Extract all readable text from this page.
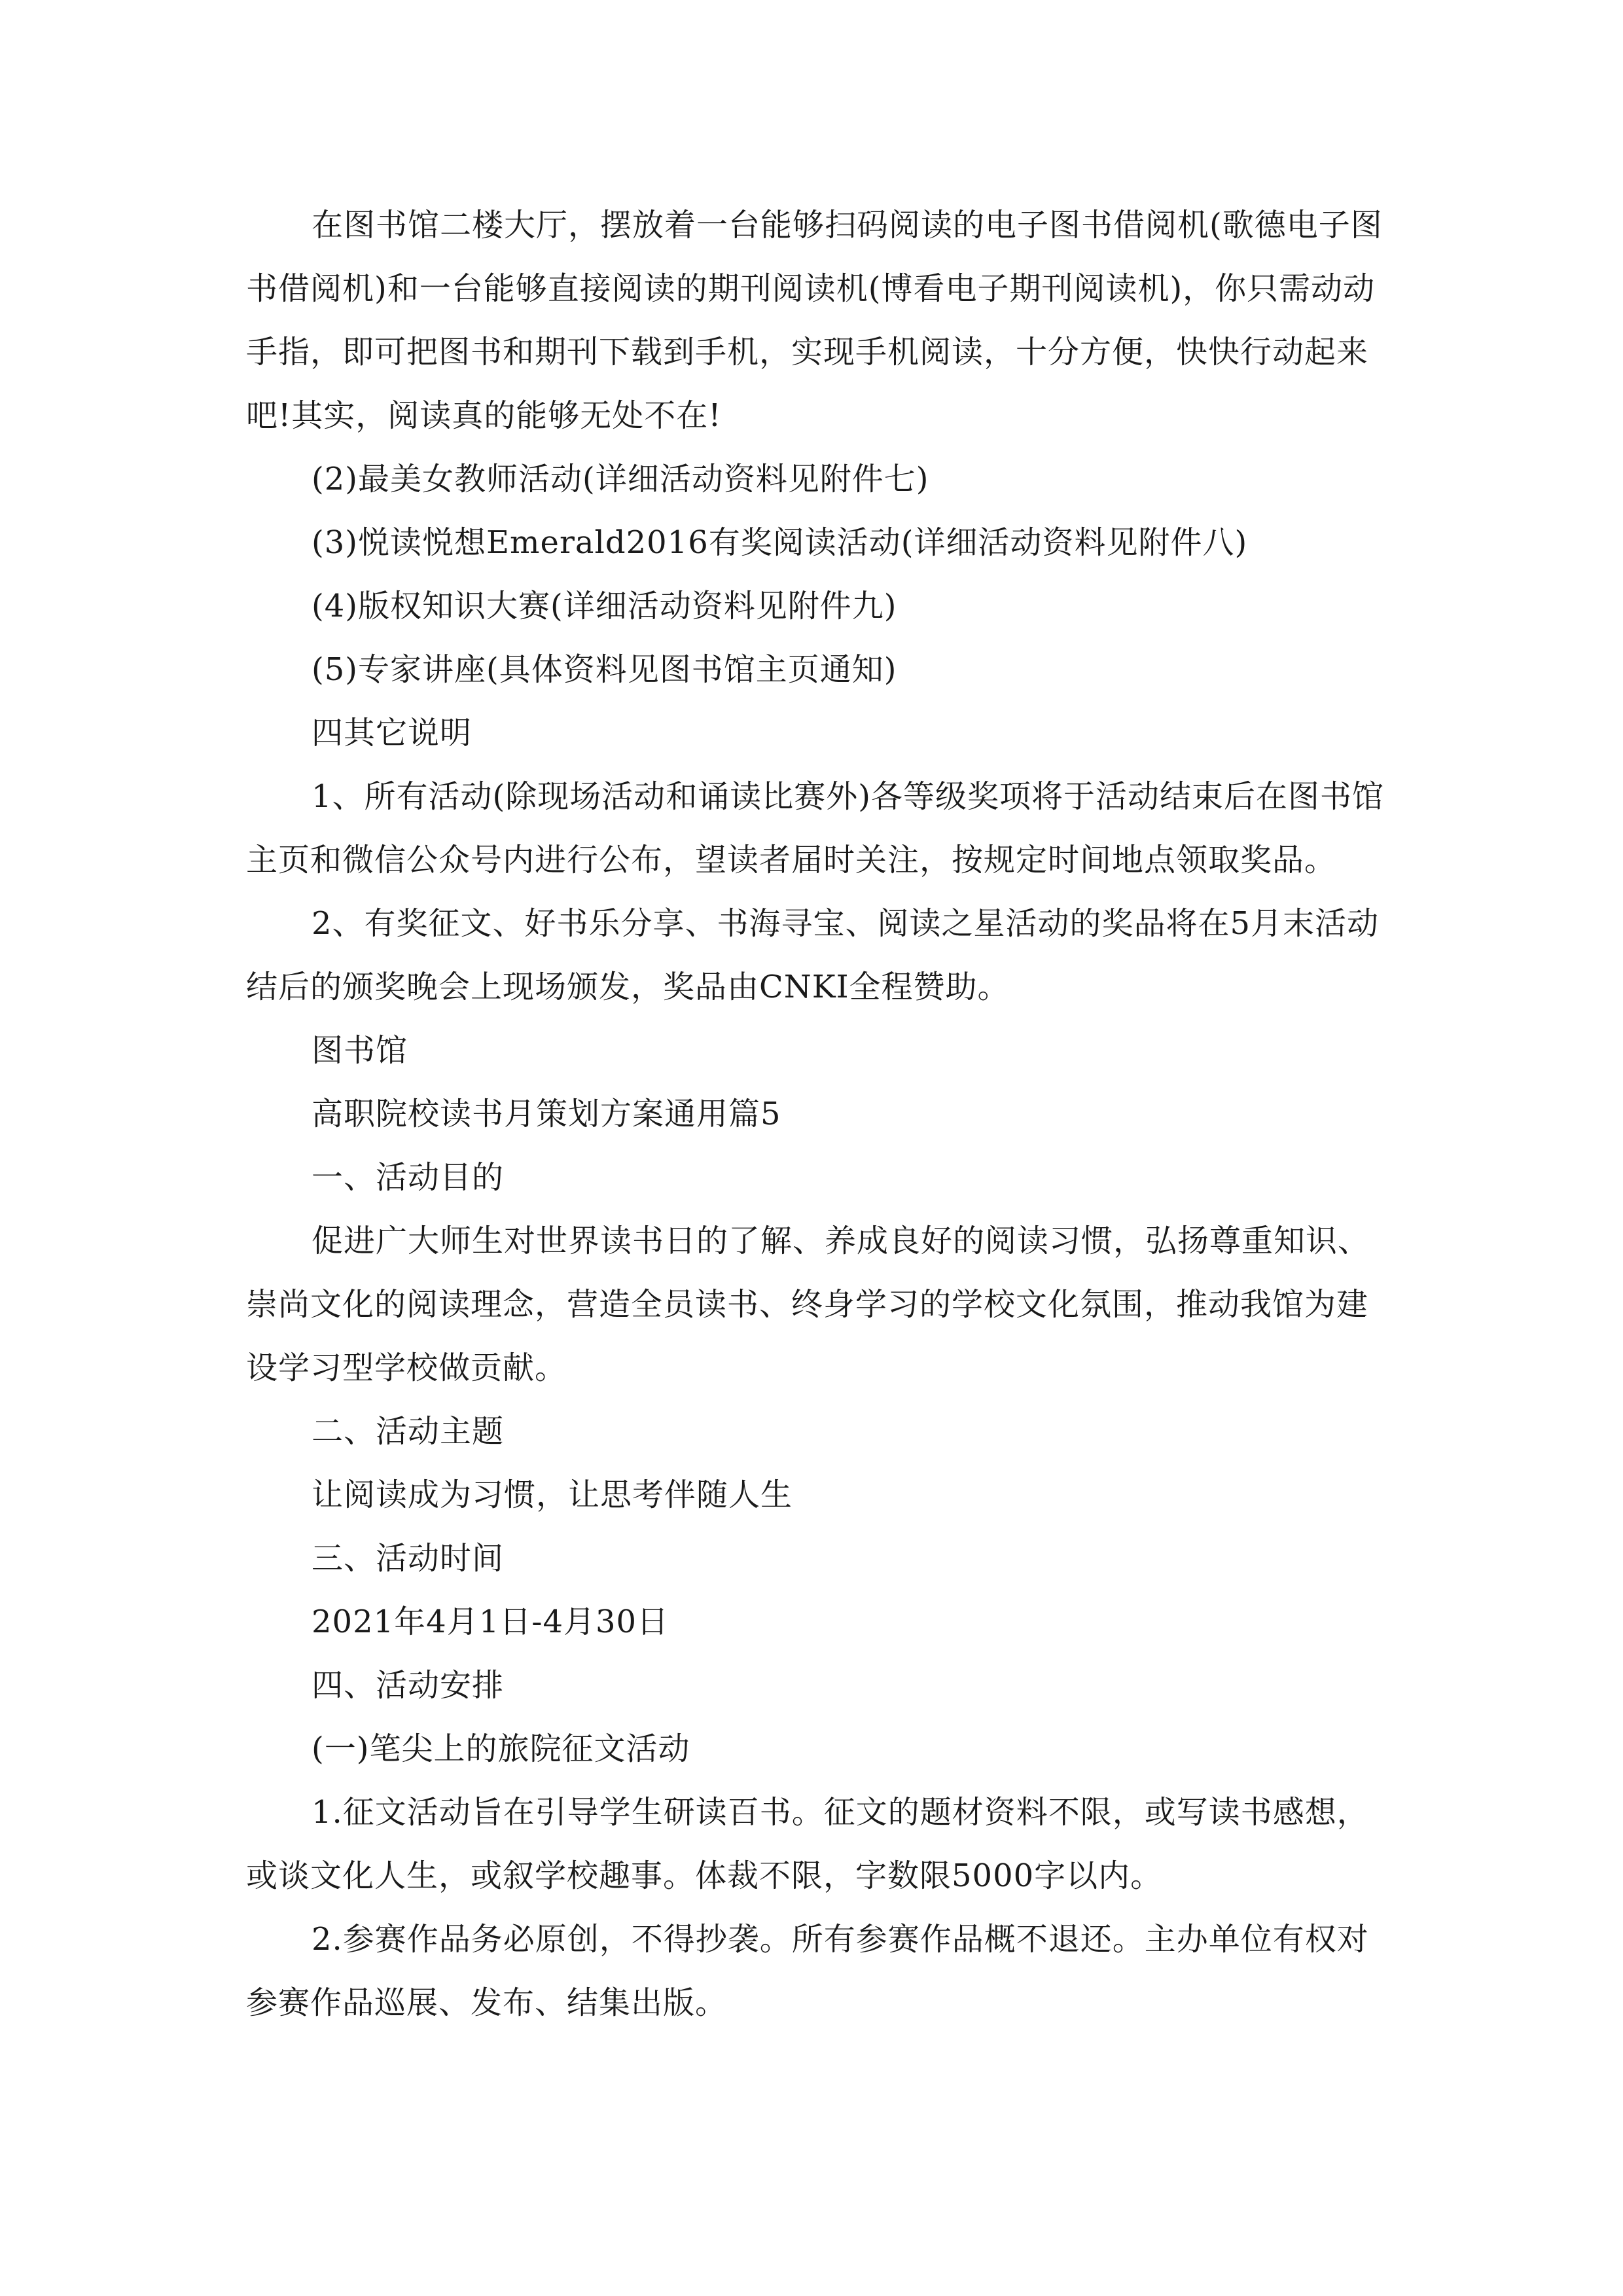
在图书馆二楼大厅，摆放着一台能够扫码阅读的电子图书借阅机(歌德电子图书借阅机)和一台能够直接阅读的期刊阅读机(博看电子期刊阅读机)，你只需动动手指，即可把图书和期刊下载到手机，实现手机阅读，十分方便，快快行动起来吧!其实，阅读真的能够无处不在!

(2)最美女教师活动(详细活动资料见附件七)

(3)悦读悦想Emerald2016有奖阅读活动(详细活动资料见附件八)

(4)版权知识大赛(详细活动资料见附件九)

(5)专家讲座(具体资料见图书馆主页通知)

四其它说明

1、所有活动(除现场活动和诵读比赛外)各等级奖项将于活动结束后在图书馆主页和微信公众号内进行公布，望读者届时关注，按规定时间地点领取奖品。

2、有奖征文、好书乐分享、书海寻宝、阅读之星活动的奖品将在5月末活动结后的颁奖晚会上现场颁发，奖品由CNKI全程赞助。

图书馆

高职院校读书月策划方案通用篇5

一、活动目的

促进广大师生对世界读书日的了解、养成良好的阅读习惯，弘扬尊重知识、崇尚文化的阅读理念，营造全员读书、终身学习的学校文化氛围，推动我馆为建设学习型学校做贡献。

二、活动主题

让阅读成为习惯，让思考伴随人生

三、活动时间

2021年4月1日-4月30日

四、活动安排

(一)笔尖上的旅院征文活动

1.征文活动旨在引导学生研读百书。征文的题材资料不限，或写读书感想，或谈文化人生，或叙学校趣事。体裁不限，字数限5000字以内。

2.参赛作品务必原创，不得抄袭。所有参赛作品概不退还。主办单位有权对参赛作品巡展、发布、结集出版。
